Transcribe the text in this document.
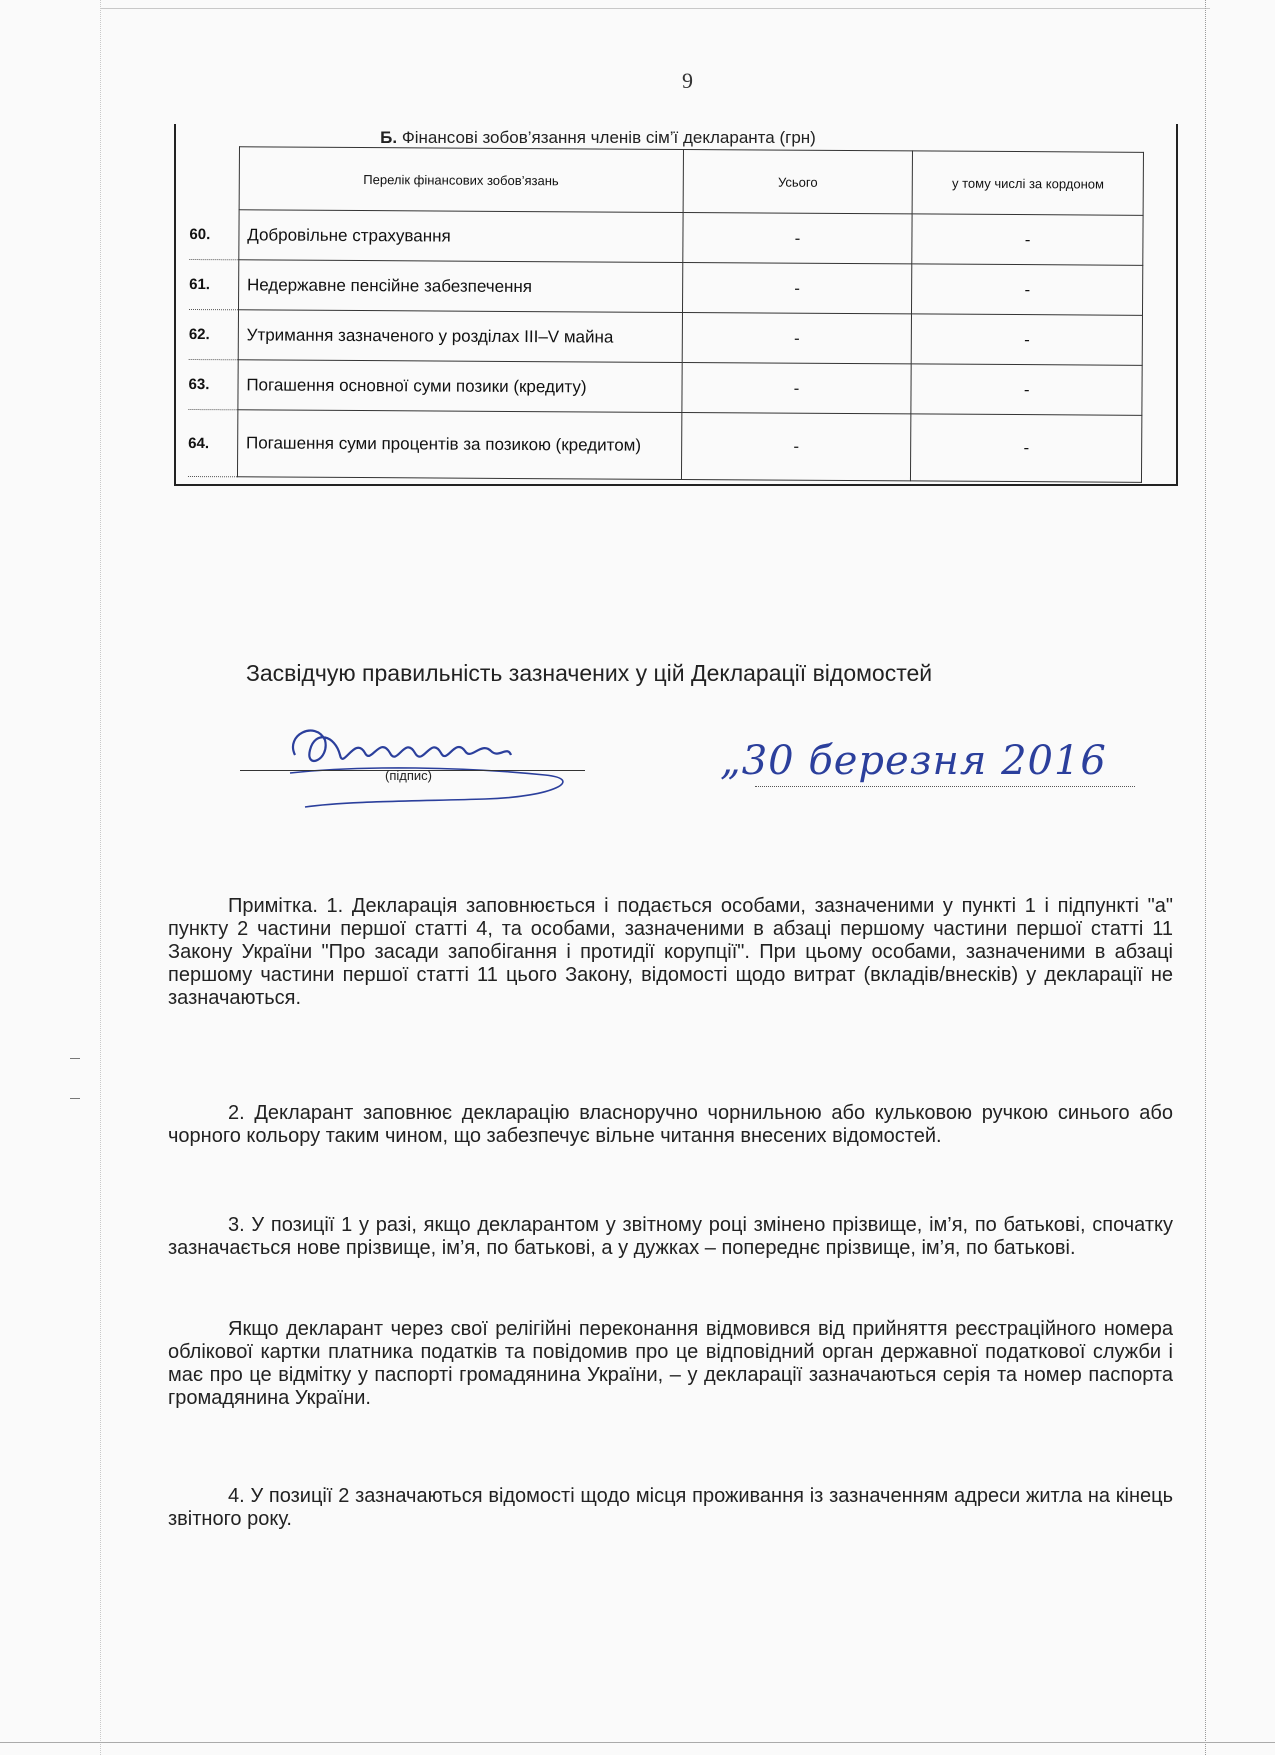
9
Б. Фінансові зобов’язання членів сім’ї декларанта (грн)
	Перелік фінансових зобов’язань	Усього	у тому числі за кордоном
60.	Добровільне страхування	-	-
61.	Недержавне пенсійне забезпечення	-	-
62.	Утримання зазначеного у розділах III–V майна	-	-
63.	Погашення основної суми позики (кредиту)	-	-
64.	Погашення суми процентів за позикою (кредитом)	-	-
Засвідчую правильність зазначених у цій Декларації відомостей
(підпис)	„30 березня 2016

Примітка. 1. Декларація заповнюється і подається особами, зазначеними у пункті 1 і підпункті "а" пункту 2 частини першої статті 4, та особами, зазначеними в абзаці першому частини першої статті 11 Закону України "Про засади запобігання і протидії корупції". При цьому особами, зазначеними в абзаці першому частини першої статті 11 цього Закону, відомості щодо витрат (вкладів/внесків) у декларації не зазначаються.

2. Декларант заповнює декларацію власноручно чорнильною або кульковою ручкою синього або чорного кольору таким чином, що забезпечує вільне читання внесених відомостей.

3. У позиції 1 у разі, якщо декларантом у звітному році змінено прізвище, ім’я, по батькові, спочатку зазначається нове прізвище, ім’я, по батькові, а у дужках – попереднє прізвище, ім’я, по батькові.

Якщо декларант через свої релігійні переконання відмовився від прийняття реєстраційного номера облікової картки платника податків та повідомив про це відповідний орган державної податкової служби і має про це відмітку у паспорті громадянина України, – у декларації зазначаються серія та номер паспорта громадянина України.

4. У позиції 2 зазначаються відомості щодо місця проживання із зазначенням адреси житла на кінець звітного року.
